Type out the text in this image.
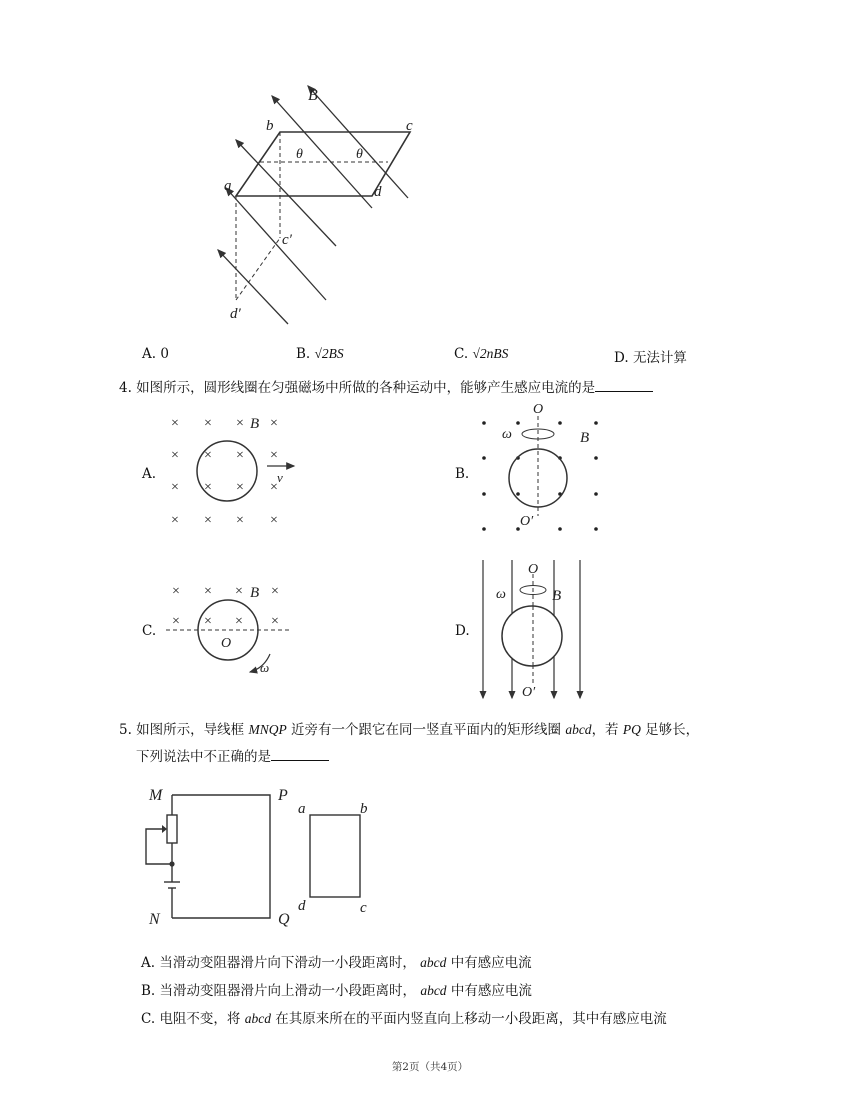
B
b	c
a	d
θ	θ
c′
d′
A. 0	B. √2BS	C. √2nBS	D. 无法计算
4. 如图所示，圆形线圈在匀强磁场中所做的各种运动中，能够产生感应电流的是
A.
× × × ×
× × × ×
× × × ×
× × × ×
B
v	B.
O
O′
ω	B
C.
× × × ×
× × × ×
O
ω
B
D.
O
O′
ω	B
5. 如图所示，导线框 MNQP 近旁有一个跟它在同一竖直平面内的矩形线圈 abcd，若 PQ 足够长，
下列说法中不正确的是
M
N
P
Q
a	b
d	c
A. 当滑动变阻器滑片向下滑动一小段距离时， abcd 中有感应电流
B. 当滑动变阻器滑片向上滑动一小段距离时， abcd 中有感应电流
C. 电阻不变，将 abcd 在其原来所在的平面内竖直向上移动一小段距离，其中有感应电流
第2页（共4页）
